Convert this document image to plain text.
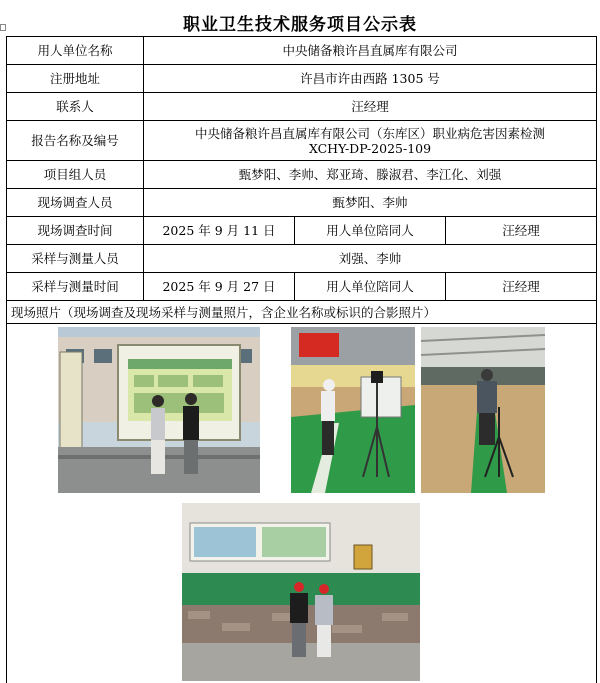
职业卫生技术服务项目公示表
用人单位名称	中央储备粮许昌直属库有限公司		
注册地址	许昌市许由西路 1305 号		
联系人	汪经理		
报告名称及编号	中央储备粮许昌直属库有限公司（东库区）职业病危害因素检测
XCHY-DP-2025-109		

项目组人员	甄梦阳、李帅、郑亚琦、滕淑君、李江化、刘强		
现场调查人员	甄梦阳、李帅		
现场调查时间	2025 年 9 月 11 日	用人单位陪同人	汪经理
采样与测量人员	刘强、李帅		
采样与测量时间	2025 年 9 月 27 日	用人单位陪同人	汪经理
现场照片（现场调查及现场采样与测量照片，含企业名称或标识的合影照片）			
